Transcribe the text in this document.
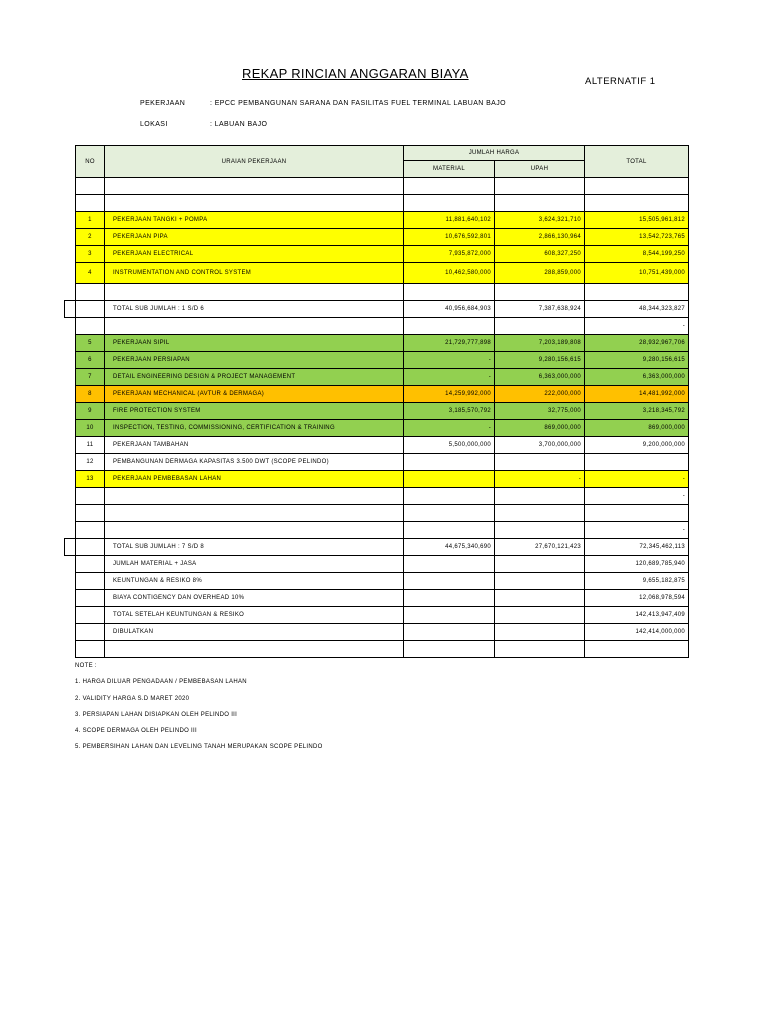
REKAP RINCIAN ANGGARAN BIAYA
ALTERNATIF 1
PEKERJAAN	: EPCC PEMBANGUNAN SARANA DAN FASILITAS FUEL TERMINAL LABUAN BAJO
LOKASI	: LABUAN BAJO
NO	URAIAN PEKERJAAN	JUMLAH HARGA		TOTAL
		MATERIAL	UPAH	

1	PEKERJAAN TANGKI + POMPA	11,881,640,102	3,624,321,710	15,505,961,812
2	PEKERJAAN PIPA	10,676,592,801	2,866,130,964	13,542,723,765
3	PEKERJAAN ELECTRICAL	7,935,872,000	608,327,250	8,544,199,250
4	INSTRUMENTATION AND CONTROL SYSTEM	10,462,580,000	288,859,000	10,751,439,000

	TOTAL SUB JUMLAH : 1 S/D 6	40,956,684,903	7,387,638,924	48,344,323,827
				-
5	PEKERJAAN SIPIL	21,729,777,898	7,203,189,808	28,932,967,706
6	PEKERJAAN PERSIAPAN	-	9,280,156,615	9,280,156,615
7	DETAIL ENGINEERING DESIGN & PROJECT MANAGEMENT	-	6,363,000,000	6,363,000,000
8	PEKERJAAN MECHANICAL (AVTUR & DERMAGA)	14,259,992,000	222,000,000	14,481,992,000
9	FIRE PROTECTION SYSTEM	3,185,570,792	32,775,000	3,218,345,792
10	INSPECTION, TESTING, COMMISSIONING, CERTIFICATION & TRAINING	-	869,000,000	869,000,000
11	PEKERJAAN TAMBAHAN	5,500,000,000	3,700,000,000	9,200,000,000
12	PEMBANGUNAN DERMAGA KAPASITAS 3.500 DWT (SCOPE PELINDO)			
13	PEKERJAAN PEMBEBASAN LAHAN		-	-
				-

				-
	TOTAL SUB JUMLAH : 7 S/D 8	44,675,340,690	27,670,121,423	72,345,462,113
	JUMLAH MATERIAL + JASA			120,689,785,940
	KEUNTUNGAN & RESIKO 8%			9,655,182,875
	BIAYA CONTIGENCY DAN OVERHEAD 10%			12,068,978,594
	TOTAL SETELAH KEUNTUNGAN & RESIKO			142,413,947,409
	DIBULATKAN			142,414,000,000

NOTE :
1. HARGA DILUAR PENGADAAN / PEMBEBASAN LAHAN
2. VALIDITY HARGA S.D MARET 2020
3. PERSIAPAN LAHAN DISIAPKAN OLEH PELINDO III
4. SCOPE DERMAGA OLEH PELINDO III
5. PEMBERSIHAN LAHAN DAN LEVELING TANAH MERUPAKAN SCOPE PELINDO
